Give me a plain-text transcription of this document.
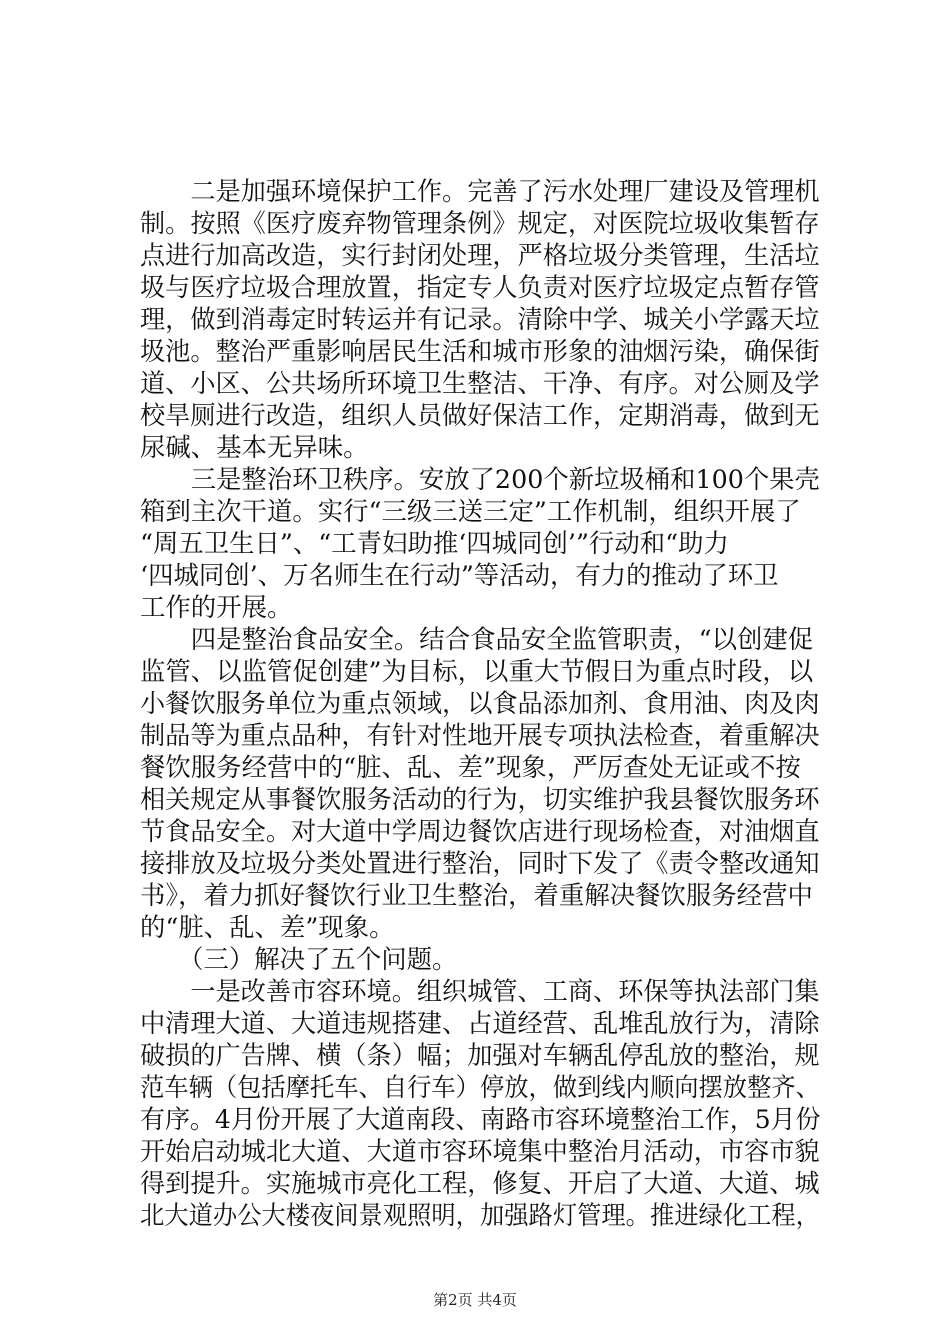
　　二是加强环境保护工作。完善了污水处理厂建设及管理机
制。按照《医疗废弃物管理条例》规定，对医院垃圾收集暂存
点进行加高改造，实行封闭处理，严格垃圾分类管理，生活垃
圾与医疗垃圾合理放置，指定专人负责对医疗垃圾定点暂存管
理，做到消毒定时转运并有记录。清除中学、城关小学露天垃
圾池。整治严重影响居民生活和城市形象的油烟污染，确保街
道、小区、公共场所环境卫生整洁、干净、有序。对公厕及学
校旱厕进行改造，组织人员做好保洁工作，定期消毒，做到无
尿碱、基本无异味。
　　三是整治环卫秩序。安放了200个新垃圾桶和100个果壳
箱到主次干道。实行“三级三送三定”工作机制，组织开展了
“周五卫生日”、“工青妇助推‘四城同创’”行动和“助力
‘四城同创’、万名师生在行动”等活动，有力的推动了环卫
工作的开展。
　　四是整治食品安全。结合食品安全监管职责，“以创建促
监管、以监管促创建”为目标，以重大节假日为重点时段，以
小餐饮服务单位为重点领域，以食品添加剂、食用油、肉及肉
制品等为重点品种，有针对性地开展专项执法检查，着重解决
餐饮服务经营中的“脏、乱、差”现象，严厉查处无证或不按
相关规定从事餐饮服务活动的行为，切实维护我县餐饮服务环
节食品安全。对大道中学周边餐饮店进行现场检查，对油烟直
接排放及垃圾分类处置进行整治，同时下发了《责令整改通知
书》，着力抓好餐饮行业卫生整治，着重解决餐饮服务经营中
的“脏、乱、差”现象。
　　（三）解决了五个问题。
　　一是改善市容环境。组织城管、工商、环保等执法部门集
中清理大道、大道违规搭建、占道经营、乱堆乱放行为，清除
破损的广告牌、横（条）幅；加强对车辆乱停乱放的整治，规
范车辆（包括摩托车、自行车）停放，做到线内顺向摆放整齐、
有序。4月份开展了大道南段、南路市容环境整治工作，5月份
开始启动城北大道、大道市容环境集中整治月活动，市容市貌
得到提升。实施城市亮化工程，修复、开启了大道、大道、城
北大道办公大楼夜间景观照明，加强路灯管理。推进绿化工程，
第2页 共4页
